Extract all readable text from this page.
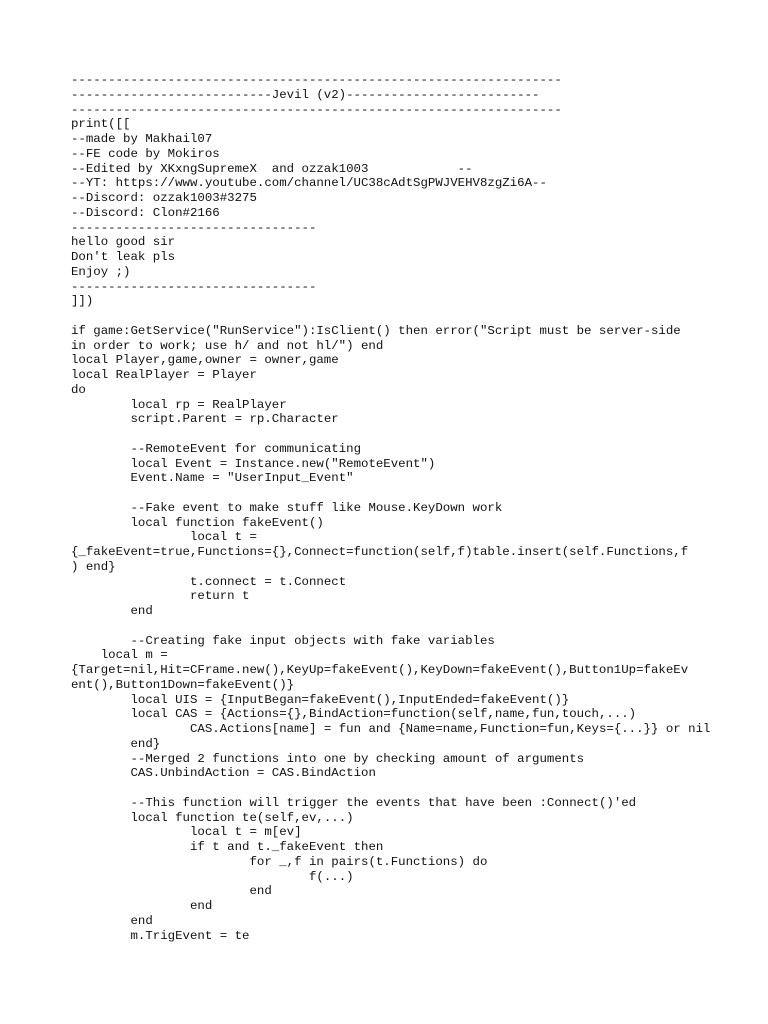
------------------------------------------------------------------
---------------------------Jevil (v2)--------------------------
------------------------------------------------------------------
print([[
--made by Makhail07
--FE code by Mokiros
--Edited by XKxngSupremeX  and ozzak1003            --
--YT: https://www.youtube.com/channel/UC38cAdtSgPWJVEHV8zgZi6A--
--Discord: ozzak1003#3275
--Discord: Clon#2166
---------------------------------
hello good sir
Don't leak pls
Enjoy ;)
---------------------------------
]])
if game:GetService("RunService"):IsClient() then error("Script must be server-side
in order to work; use h/ and not hl/") end
local Player,game,owner = owner,game
local RealPlayer = Player
do
	local rp = RealPlayer
	script.Parent = rp.Character
	--RemoteEvent for communicating
	local Event = Instance.new("RemoteEvent")
	Event.Name = "UserInput_Event"
	--Fake event to make stuff like Mouse.KeyDown work
	local function fakeEvent()
		local t =
{_fakeEvent=true,Functions={},Connect=function(self,f)table.insert(self.Functions,f
) end}
		t.connect = t.Connect
		return t
	end
	--Creating fake input objects with fake variables
local m =
{Target=nil,Hit=CFrame.new(),KeyUp=fakeEvent(),KeyDown=fakeEvent(),Button1Up=fakeEv
ent(),Button1Down=fakeEvent()}
	local UIS = {InputBegan=fakeEvent(),InputEnded=fakeEvent()}
	local CAS = {Actions={},BindAction=function(self,name,fun,touch,...)
		CAS.Actions[name] = fun and {Name=name,Function=fun,Keys={...}} or nil
	end}
	--Merged 2 functions into one by checking amount of arguments
	CAS.UnbindAction = CAS.BindAction
	--This function will trigger the events that have been :Connect()'ed
	local function te(self,ev,...)
		local t = m[ev]
		if t and t._fakeEvent then
			for _,f in pairs(t.Functions) do
				f(...)
			end
		end
	end
	m.TrigEvent = te
